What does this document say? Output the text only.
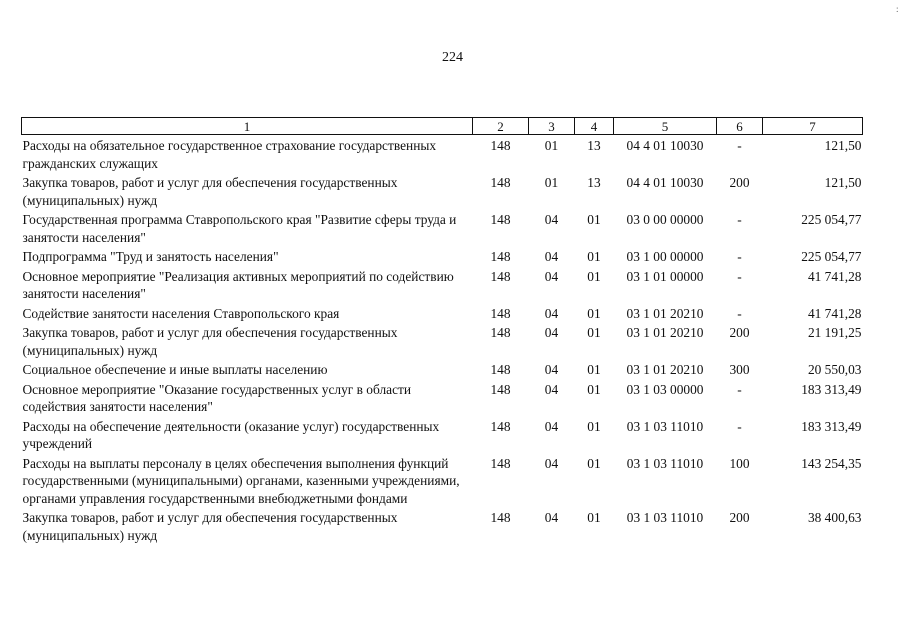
224
:
1	2	3	4	5	6	7
Расходы на обязательное государственное страхование государственных гражданских служащих	148	01	13	04 4 01 10030	-	121,50
Закупка товаров, работ и услуг для обеспечения государственных (муниципальных) нужд	148	01	13	04 4 01 10030	200	121,50
Государственная программа Ставропольского края "Развитие сферы труда и занятости населения"	148	04	01	03 0 00 00000	-	225 054,77
Подпрограмма "Труд и занятость населения"	148	04	01	03 1 00 00000	-	225 054,77
Основное мероприятие "Реализация активных мероприятий по содействию занятости населения"	148	04	01	03 1 01 00000	-	41 741,28
Содействие занятости населения Ставропольского края	148	04	01	03 1 01 20210	-	41 741,28
Закупка товаров, работ и услуг для обеспечения государственных (муниципальных) нужд	148	04	01	03 1 01 20210	200	21 191,25
Социальное обеспечение и иные выплаты населению	148	04	01	03 1 01 20210	300	20 550,03
Основное мероприятие "Оказание государственных услуг в области содействия занятости населения"	148	04	01	03 1 03 00000	-	183 313,49
Расходы на обеспечение деятельности (оказание услуг) государственных учреждений	148	04	01	03 1 03 11010	-	183 313,49
Расходы на выплаты персоналу в целях обеспечения выполнения функций государственными (муниципальными) органами, казенными учреждениями, органами управления государственными внебюджетными фондами	148	04	01	03 1 03 11010	100	143 254,35
Закупка товаров, работ и услуг для обеспечения государственных (муниципальных) нужд	148	04	01	03 1 03 11010	200	38 400,63
